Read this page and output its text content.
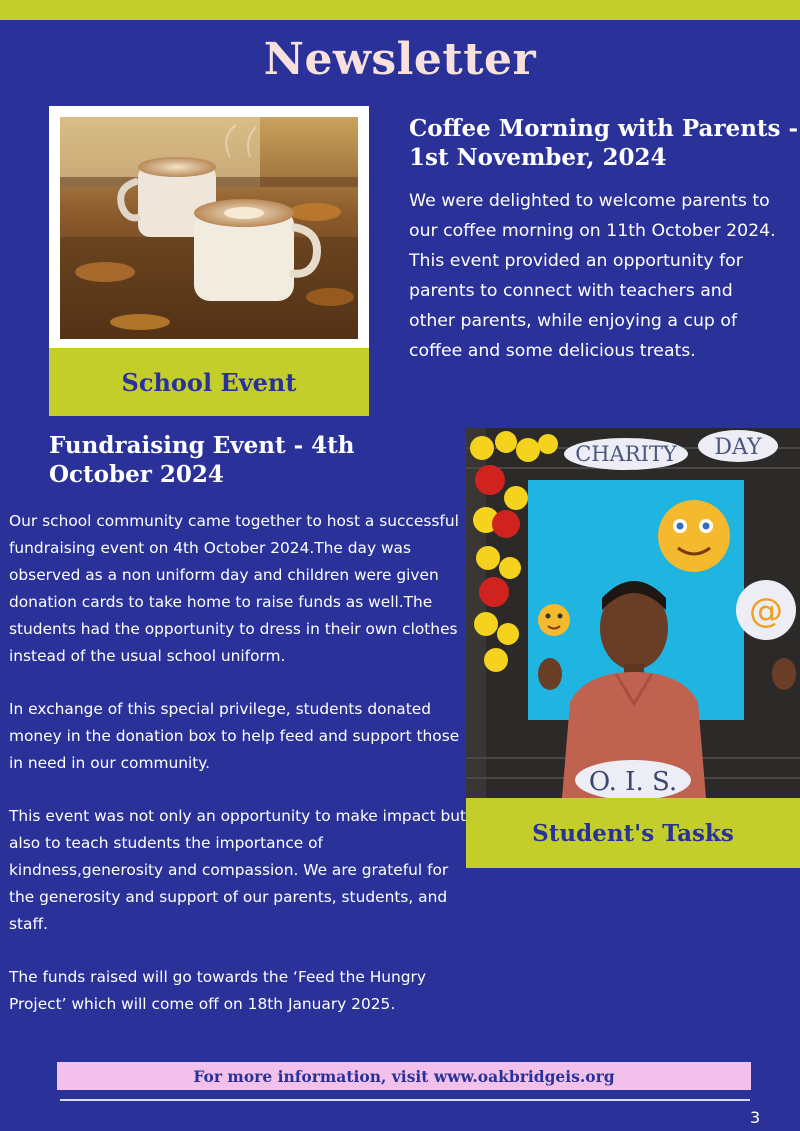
Newsletter
School Event
Coffee Morning with Parents - 1st November, 2024
We were delighted to welcome parents to our coffee morning on 11th October 2024. This event provided an opportunity for parents to connect with teachers and other parents, while enjoying a cup of coffee and some delicious treats.
Fundraising Event - 4th October 2024

Our school community came together to host a successful fundraising event on 4th October 2024.The day was observed as a non uniform day and children were given donation cards to take home to raise funds as well.The students had the opportunity to dress in their own clothes instead of the usual school uniform.

In exchange of this special privilege, students donated money in the donation box to help feed and support those in need in our community.

This event was not only an opportunity to make impact but also to teach students the importance of kindness,generosity and compassion. We are grateful for the generosity and support of our parents, students, and staff.

The funds raised will go towards the ‘Feed the Hungry Project’ which will come off on 18th January 2025.

CHARITY DAY
@
O. I. S.
Student's Tasks
For more information, visit www.oakbridgeis.org
3
